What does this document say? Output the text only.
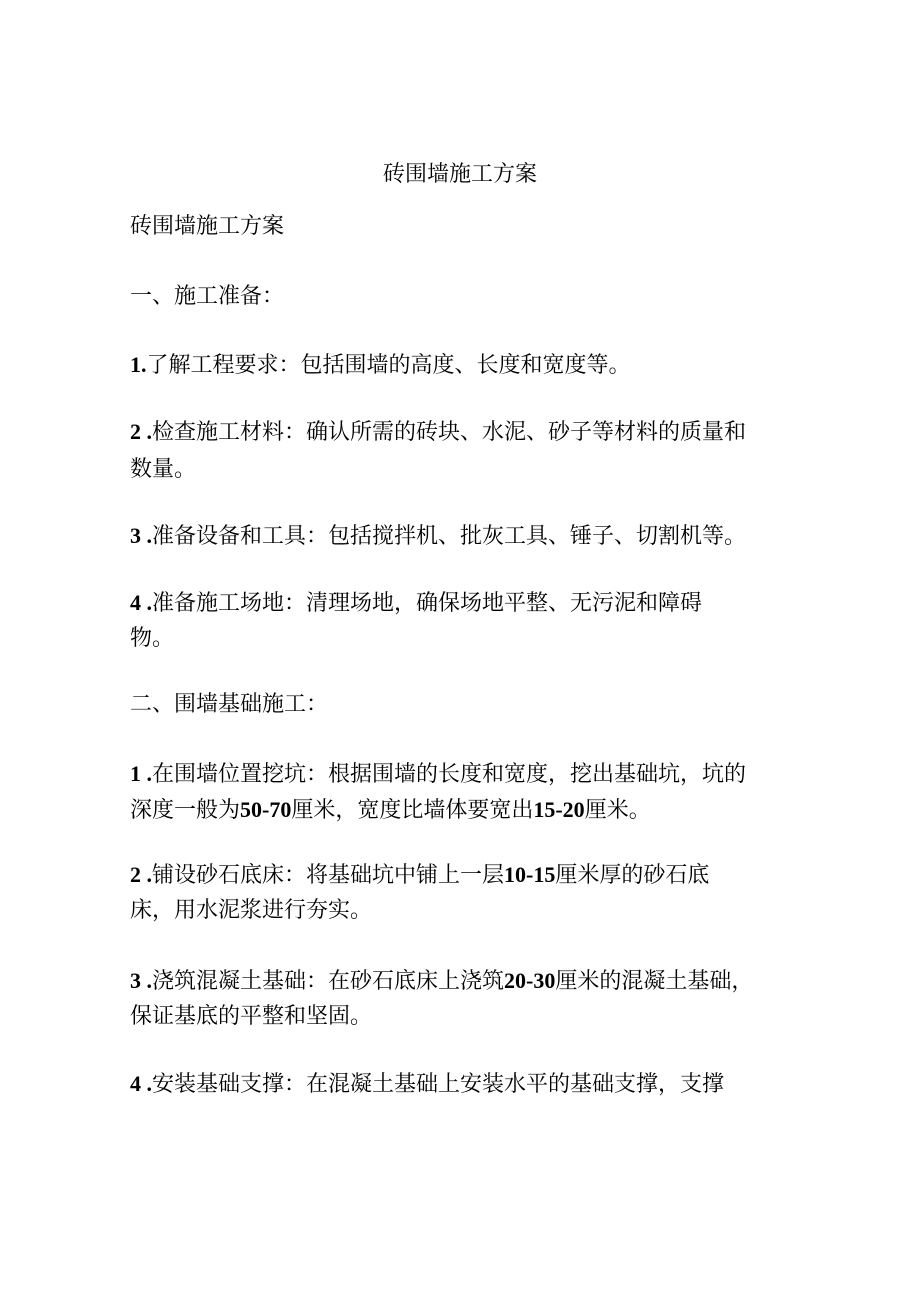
砖围墙施工方案

砖围墙施工方案

一、施工准备：

1.了解工程要求：包括围墙的高度、长度和宽度等。

2 .检查施工材料：确认所需的砖块、水泥、砂子等材料的质量和

数量。

3 .准备设备和工具：包括搅拌机、批灰工具、锤子、切割机等。

4 .准备施工场地：清理场地，确保场地平整、无污泥和障碍

物。

二、围墙基础施工：

1 .在围墙位置挖坑：根据围墙的长度和宽度，挖出基础坑，坑的

深度一般为50-70厘米，宽度比墙体要宽出15-20厘米。

2 .铺设砂石底床：将基础坑中铺上一层10-15厘米厚的砂石底

床，用水泥浆进行夯实。

3 .浇筑混凝土基础：在砂石底床上浇筑20-30厘米的混凝土基础，

保证基底的平整和坚固。

4 .安装基础支撑：在混凝土基础上安装水平的基础支撑，支撑
